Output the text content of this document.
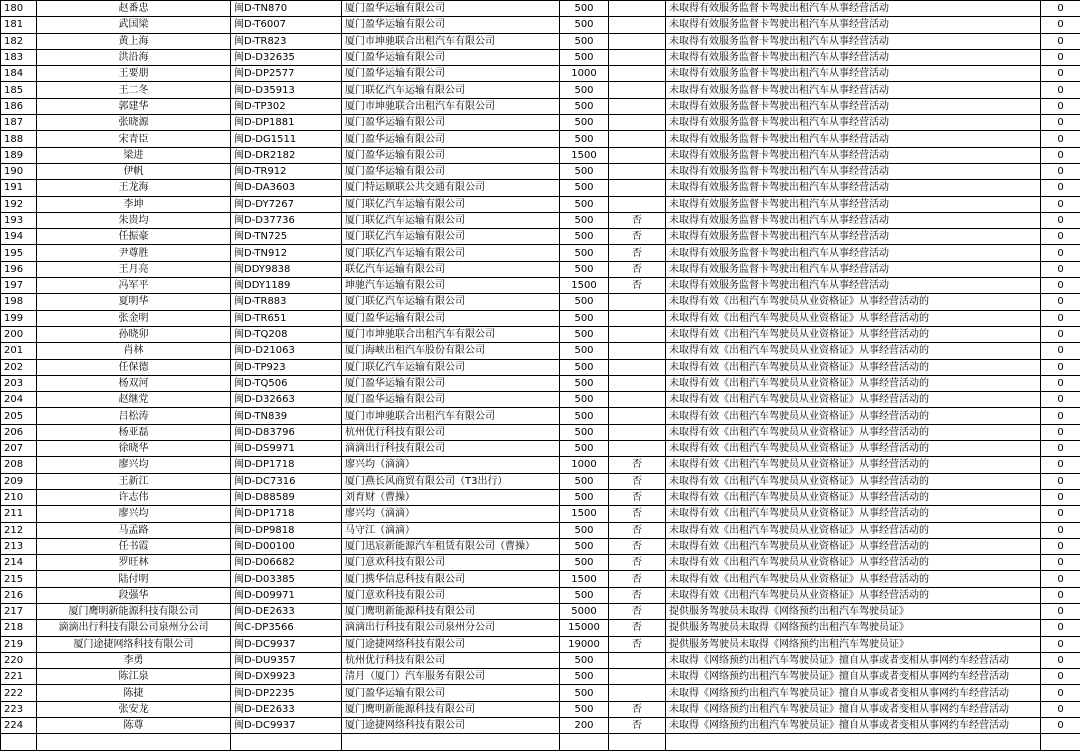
180	赵番忠	闽D-TN870	厦门盈华运输有限公司	500		未取得有效服务监督卡驾驶出租汽车从事经营活动	0
181	武国梁	闽D-T6007	厦门盈华运输有限公司	500		未取得有效服务监督卡驾驶出租汽车从事经营活动	0
182	黄上海	闽D-TR823	厦门市坤驰联合出租汽车有限公司	500		未取得有效服务监督卡驾驶出租汽车从事经营活动	0
183	洪沿海	闽D-D32635	厦门盈华运输有限公司	500		未取得有效服务监督卡驾驶出租汽车从事经营活动	0
184	王要朋	闽D-DP2577	厦门盈华运输有限公司	1000		未取得有效服务监督卡驾驶出租汽车从事经营活动	0
185	王二冬	闽D-D35913	厦门联亿汽车运输有限公司	500		未取得有效服务监督卡驾驶出租汽车从事经营活动	0
186	郭建华	闽D-TP302	厦门市坤驰联合出租汽车有限公司	500		未取得有效服务监督卡驾驶出租汽车从事经营活动	0
187	张晓源	闽D-DP1881	厦门盈华运输有限公司	500		未取得有效服务监督卡驾驶出租汽车从事经营活动	0
188	宋青臣	闽D-DG1511	厦门盈华运输有限公司	500		未取得有效服务监督卡驾驶出租汽车从事经营活动	0
189	梁进	闽D-DR2182	厦门盈华运输有限公司	1500		未取得有效服务监督卡驾驶出租汽车从事经营活动	0
190	伊帆	闽D-TR912	厦门盈华运输有限公司	500		未取得有效服务监督卡驾驶出租汽车从事经营活动	0
191	王龙海	闽D-DA3603	厦门特运顺联公共交通有限公司	500		未取得有效服务监督卡驾驶出租汽车从事经营活动	0
192	李坤	闽D-DY7267	厦门联亿汽车运输有限公司	500		未取得有效服务监督卡驾驶出租汽车从事经营活动	0
193	朱贵均	闽D-D37736	厦门联亿汽车运输有限公司	500	否	未取得有效服务监督卡驾驶出租汽车从事经营活动	0
194	任振豪	闽D-TN725	厦门联亿汽车运输有限公司	500	否	未取得有效服务监督卡驾驶出租汽车从事经营活动	0
195	尹尊胜	闽D-TN912	厦门联亿汽车运输有限公司	500	否	未取得有效服务监督卡驾驶出租汽车从事经营活动	0
196	王月亮	闽DDY9838	联亿汽车运输有限公司	500	否	未取得有效服务监督卡驾驶出租汽车从事经营活动	0
197	冯军平	闽DDY1189	坤驰汽车运输有限公司	1500	否	未取得有效服务监督卡驾驶出租汽车从事经营活动	0
198	夏明华	闽D-TR883	厦门联亿汽车运输有限公司	500		未取得有效《出租汽车驾驶员从业资格证》从事经营活动的	0
199	张金明	闽D-TR651	厦门盈华运输有限公司	500		未取得有效《出租汽车驾驶员从业资格证》从事经营活动的	0
200	孙晓卯	闽D-TQ208	厦门市坤驰联合出租汽车有限公司	500		未取得有效《出租汽车驾驶员从业资格证》从事经营活动的	0
201	肖林	闽D-D21063	厦门海峡出租汽车股份有限公司	500		未取得有效《出租汽车驾驶员从业资格证》从事经营活动的	0
202	任保德	闽D-TP923	厦门联亿汽车运输有限公司	500		未取得有效《出租汽车驾驶员从业资格证》从事经营活动的	0
203	杨双河	闽D-TQ506	厦门盈华运输有限公司	500		未取得有效《出租汽车驾驶员从业资格证》从事经营活动的	0
204	赵继党	闽D-D32663	厦门盈华运输有限公司	500		未取得有效《出租汽车驾驶员从业资格证》从事经营活动的	0
205	吕松涛	闽D-TN839	厦门市坤驰联合出租汽车有限公司	500		未取得有效《出租汽车驾驶员从业资格证》从事经营活动的	0
206	杨亚磊	闽D-D83796	杭州优行科技有限公司	500		未取得有效《出租汽车驾驶员从业资格证》从事经营活动的	0
207	徐晓华	闽D-DS9971	滴滴出行科技有限公司	500		未取得有效《出租汽车驾驶员从业资格证》从事经营活动的	0
208	廖兴均	闽D-DP1718	廖兴均（滴滴）	1000	否	未取得有效《出租汽车驾驶员从业资格证》从事经营活动的	0
209	王新江	闽D-DC7316	厦门燕长风商贸有限公司（T3出行）	500	否	未取得有效《出租汽车驾驶员从业资格证》从事经营活动的	0
210	许志伟	闽D-D88589	刘育财（曹操）	500	否	未取得有效《出租汽车驾驶员从业资格证》从事经营活动的	0
211	廖兴均	闽D-DP1718	廖兴均（滴滴）	1500	否	未取得有效《出租汽车驾驶员从业资格证》从事经营活动的	0
212	马孟路	闽D-DP9818	马守江（滴滴）	500	否	未取得有效《出租汽车驾驶员从业资格证》从事经营活动的	0
213	任书霞	闽D-D00100	厦门迅宸新能源汽车租赁有限公司（曹操）	500	否	未取得有效《出租汽车驾驶员从业资格证》从事经营活动的	0
214	罗旺林	闽D-D06682	厦门意欢科技有限公司	500	否	未取得有效《出租汽车驾驶员从业资格证》从事经营活动的	0
215	陆付明	闽D-D03385	厦门携华信息科技有限公司	1500	否	未取得有效《出租汽车驾驶员从业资格证》从事经营活动的	0
216	段强华	闽D-D09971	厦门意欢科技有限公司	500	否	未取得有效《出租汽车驾驶员从业资格证》从事经营活动的	0
217	厦门鹰明新能源科技有限公司	闽D-DE2633	厦门鹰明新能源科技有限公司	5000	否	提供服务驾驶员未取得《网络预约出租汽车驾驶员证》	0
218	滴滴出行科技有限公司泉州分公司	闽C-DP3566	滴滴出行科技有限公司泉州分公司	15000	否	提供服务驾驶员未取得《网络预约出租汽车驾驶员证》	0
219	厦门途捷网络科技有限公司	闽D-DC9937	厦门途捷网络科技有限公司	19000	否	提供服务驾驶员未取得《网络预约出租汽车驾驶员证》	0
220	李勇	闽D-DU9357	杭州优行科技有限公司	500		未取得《网络预约出租汽车驾驶员证》擅自从事或者变相从事网约车经营活动	0
221	陈江泉	闽D-DX9923	清月（厦门）汽车服务有限公司	500		未取得《网络预约出租汽车驾驶员证》擅自从事或者变相从事网约车经营活动	0
222	陈捷	闽D-DP2235	厦门盈华运输有限公司	500		未取得《网络预约出租汽车驾驶员证》擅自从事或者变相从事网约车经营活动	0
223	张安龙	闽D-DE2633	厦门鹰明新能源科技有限公司	500	否	未取得《网络预约出租汽车驾驶员证》擅自从事或者变相从事网约车经营活动	0
224	陈尊	闽D-DC9937	厦门途捷网络科技有限公司	200	否	未取得《网络预约出租汽车驾驶员证》擅自从事或者变相从事网约车经营活动	0
